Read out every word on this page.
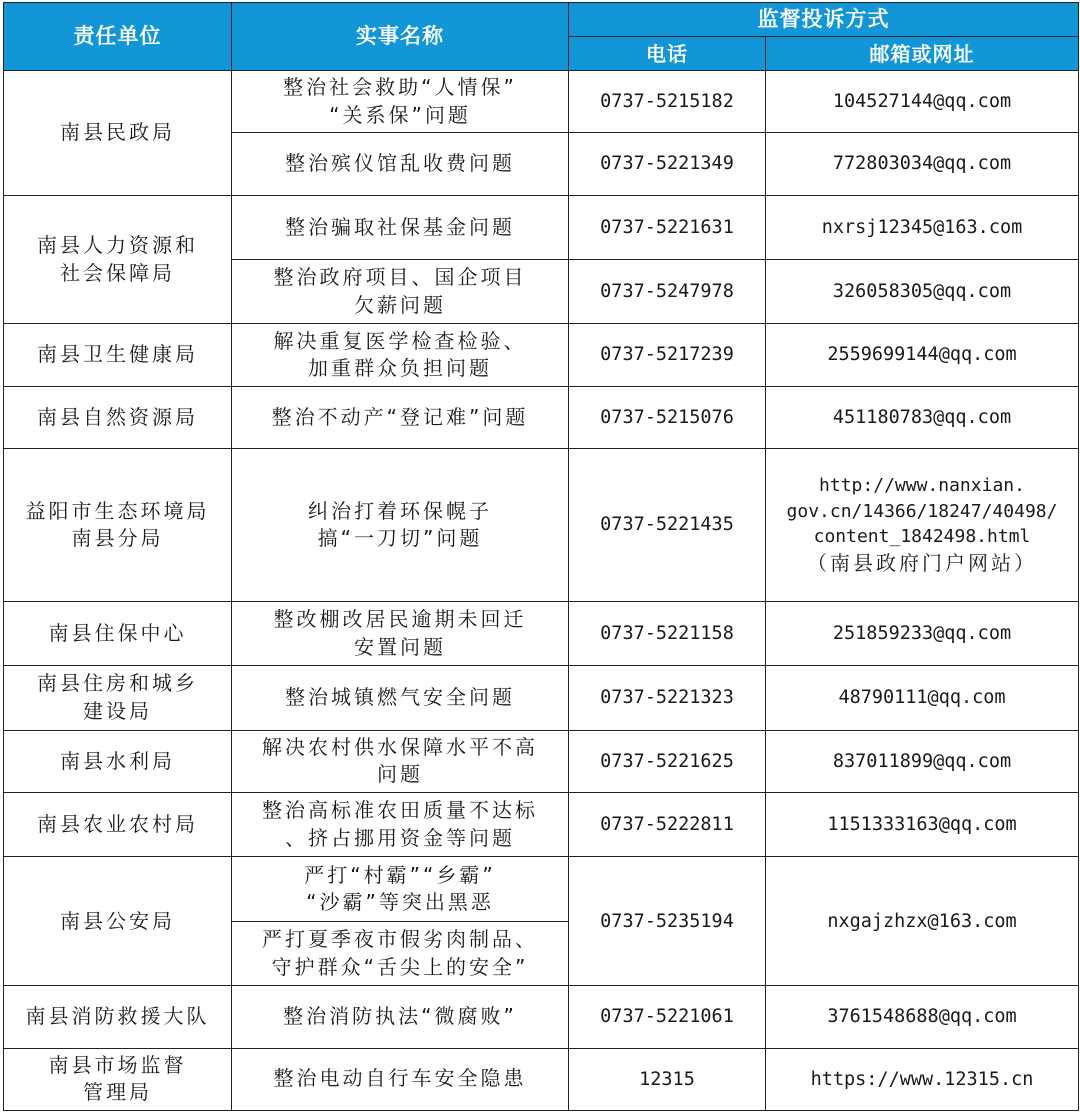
责任单位	实事名称	监督投诉方式	
		电话	邮箱或网址

南县民政局	整治社会救助“人情保”
“关系保”问题	0737-5215182	104527144@qq.com

	整治殡仪馆乱收费问题	0737-5221349	772803034@qq.com

南县人力资源和
社会保障局	整治骗取社保基金问题	0737-5221631	nxrsj12345@163.com

	整治政府项目、国企项目
欠薪问题	0737-5247978	326058305@qq.com

南县卫生健康局	解决重复医学检查检验、
加重群众负担问题	0737-5217239	2559699144@qq.com

南县自然资源局	整治不动产“登记难”问题	0737-5215076	451180783@qq.com

益阳市生态环境局
南县分局	纠治打着环保幌子
搞“一刀切”问题	0737-5221435	http://www.nanxian.
gov.cn/14366/18247/40498/
content_1842498.html
（南县政府门户网站）

南县住保中心	整改棚改居民逾期未回迁
安置问题	0737-5221158	251859233@qq.com

南县住房和城乡
建设局	整治城镇燃气安全问题	0737-5221323	48790111@qq.com

南县水利局	解决农村供水保障水平不高
问题	0737-5221625	837011899@qq.com

南县农业农村局	整治高标准农田质量不达标
、挤占挪用资金等问题	0737-5222811	1151333163@qq.com

南县公安局	严打“村霸”“乡霸”
“沙霸”等突出黑恶	0737-5235194	nxgajzhzx@163.com

	严打夏季夜市假劣肉制品、
守护群众“舌尖上的安全”		

南县消防救援大队	整治消防执法“微腐败”	0737-5221061	3761548688@qq.com

南县市场监督
管理局	整治电动自行车安全隐患	12315	https://www.12315.cn
